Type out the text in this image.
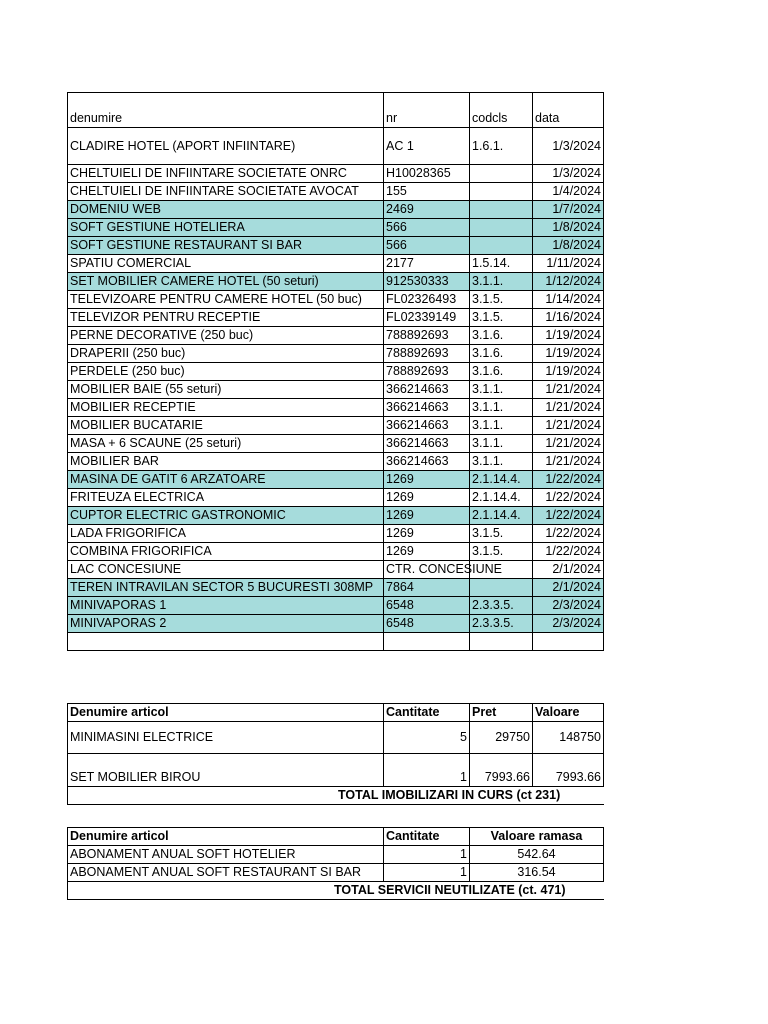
denumire	nr	codcls	data
CLADIRE HOTEL (APORT INFIINTARE)	AC 1	1.6.1.	1/3/2024
CHELTUIELI DE INFIINTARE SOCIETATE ONRC	H10028365		1/3/2024
CHELTUIELI DE INFIINTARE SOCIETATE AVOCAT	155		1/4/2024
DOMENIU WEB	2469		1/7/2024
SOFT GESTIUNE HOTELIERA	566		1/8/2024
SOFT GESTIUNE RESTAURANT SI BAR	566		1/8/2024
SPATIU COMERCIAL	2177	1.5.14.	1/11/2024
SET MOBILIER CAMERE HOTEL (50 seturi)	912530333	3.1.1.	1/12/2024
TELEVIZOARE PENTRU CAMERE HOTEL (50 buc)	FL02326493	3.1.5.	1/14/2024
TELEVIZOR PENTRU RECEPTIE	FL02339149	3.1.5.	1/16/2024
PERNE DECORATIVE (250 buc)	788892693	3.1.6.	1/19/2024
DRAPERII (250 buc)	788892693	3.1.6.	1/19/2024
PERDELE (250 buc)	788892693	3.1.6.	1/19/2024
MOBILIER BAIE (55 seturi)	366214663	3.1.1.	1/21/2024
MOBILIER RECEPTIE	366214663	3.1.1.	1/21/2024
MOBILIER BUCATARIE	366214663	3.1.1.	1/21/2024
MASA + 6 SCAUNE (25 seturi)	366214663	3.1.1.	1/21/2024
MOBILIER BAR	366214663	3.1.1.	1/21/2024
MASINA DE GATIT 6 ARZATOARE	1269	2.1.14.4.	1/22/2024
FRITEUZA ELECTRICA	1269	2.1.14.4.	1/22/2024
CUPTOR ELECTRIC GASTRONOMIC	1269	2.1.14.4.	1/22/2024
LADA FRIGORIFICA	1269	3.1.5.	1/22/2024
COMBINA FRIGORIFICA	1269	3.1.5.	1/22/2024
LAC CONCESIUNE	CTR. CONCESIUNE		2/1/2024
TEREN INTRAVILAN SECTOR 5 BUCURESTI 308MP	7864		2/1/2024
MINIVAPORAS 1	6548	2.3.3.5.	2/3/2024
MINIVAPORAS 2	6548	2.3.3.5.	2/3/2024

Denumire articol	Cantitate	Pret	Valoare
MINIMASINI ELECTRICE	5	29750	148750
SET MOBILIER BIROU	1	7993.66	7993.66
TOTAL IMOBILIZARI IN CURS (ct 231)			
Denumire articol	Cantitate	Valoare ramasa
ABONAMENT ANUAL SOFT HOTELIER	1	542.64
ABONAMENT ANUAL SOFT RESTAURANT SI BAR	1	316.54
TOTAL SERVICII NEUTILIZATE (ct. 471)		
